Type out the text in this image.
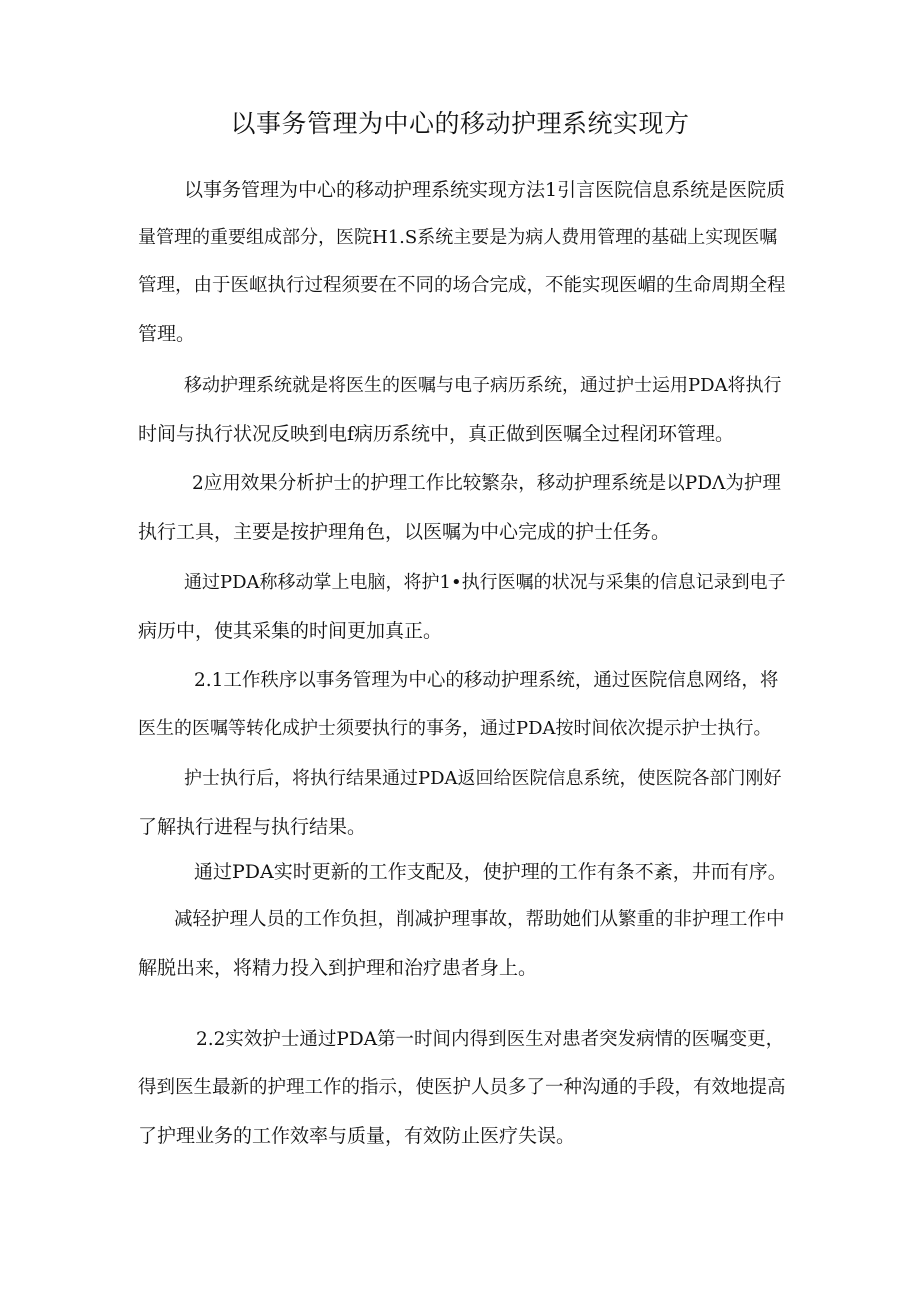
以事务管理为中心的移动护理系统实现方
以事务管理为中心的移动护理系统实现方法1引言医院信息系统是医院质
量管理的重要组成部分，医院H1.S系统主要是为病人费用管理的基础上实现医嘱
管理，由于医岖执行过程须要在不同的场合完成，不能实现医嵋的生命周期全程
管理。
移动护理系统就是将医生的医嘱与电子病历系统，通过护士运用PDA将执行
时间与执行状况反映到电f病历系统中，真正做到医嘱全过程闭环管理。
2应用效果分析护士的护理工作比较繁杂，移动护理系统是以PDΛ为护理
执行工具，主要是按护理角色，以医嘱为中心完成的护士任务。
通过PDA称移动掌上电脑，将护1•执行医嘱的状况与采集的信息记录到电子
病历中，使其采集的时间更加真正。
2.1工作秩序以事务管理为中心的移动护理系统，通过医院信息网络，将
医生的医嘱等转化成护士须要执行的事务，通过PDA按时间依次提示护士执行。
护士执行后，将执行结果通过PDA返回给医院信息系统，使医院各部门刚好
了解执行进程与执行结果。
通过PDA实时更新的工作支配及，使护理的工作有条不紊，井而有序。
减轻护理人员的工作负担，削减护理事故，帮助她们从繁重的非护理工作中
解脱出来，将精力投入到护理和治疗患者身上。
2.2实效护士通过PDA第一时间内得到医生对患者突发病情的医嘱变更，
得到医生最新的护理工作的指示，使医护人员多了一种沟通的手段，有效地提高
了护理业务的工作效率与质量，有效防止医疗失误。
